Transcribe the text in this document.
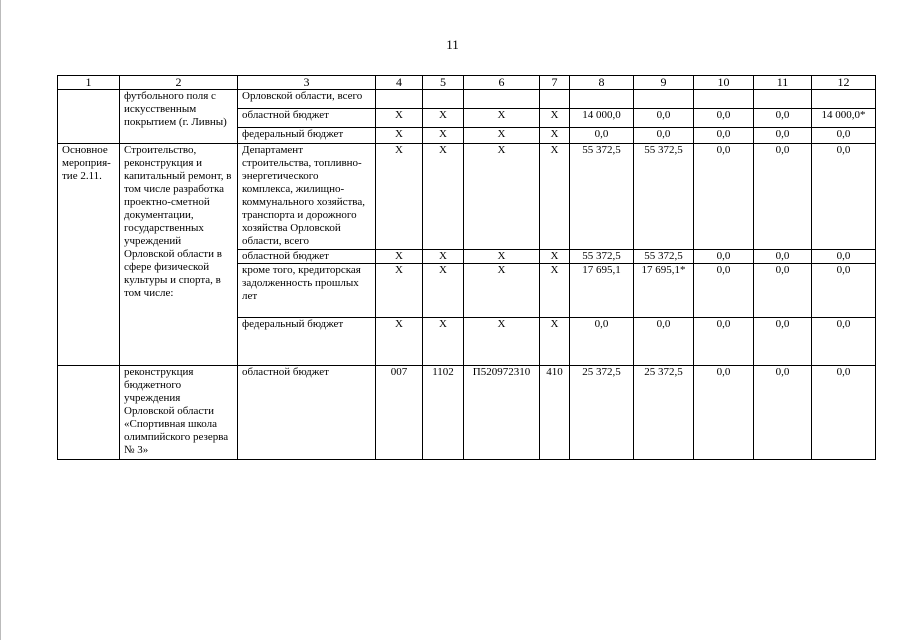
11
1	2	3	4	5	6	7	8	9	10	11	12
	футбольного поля с искусственным покрытием (г. Ливны)	Орловской области, всего									
		областной бюджет	X	X	X	X	14 000,0	0,0	0,0	0,0	14 000,0*
		федеральный бюджет	X	X	X	X	0,0	0,0	0,0	0,0	0,0
Основное мероприя-тие 2.11.	Строительство, реконструкция и капитальный ремонт, в том числе разработка проектно-сметной документации, государственных учреждений Орловской области в сфере физической культуры и спорта, в том числе:	Департамент строительства, топливно-энергетического комплекса, жилищно-коммунального хозяйства, транспорта и дорожного хозяйства Орловской области, всего	X	X	X	X	55 372,5	55 372,5	0,0	0,0	0,0
		областной бюджет	X	X	X	X	55 372,5	55 372,5	0,0	0,0	0,0
		кроме того, кредиторская задолженность прошлых лет	X	X	X	X	17 695,1	17 695,1*	0,0	0,0	0,0
		федеральный бюджет	X	X	X	X	0,0	0,0	0,0	0,0	0,0
	реконструкция бюджетного учреждения Орловской области «Спортивная школа олимпийского резерва № 3»	областной бюджет	007	1102	П520972310	410	25 372,5	25 372,5	0,0	0,0	0,0
